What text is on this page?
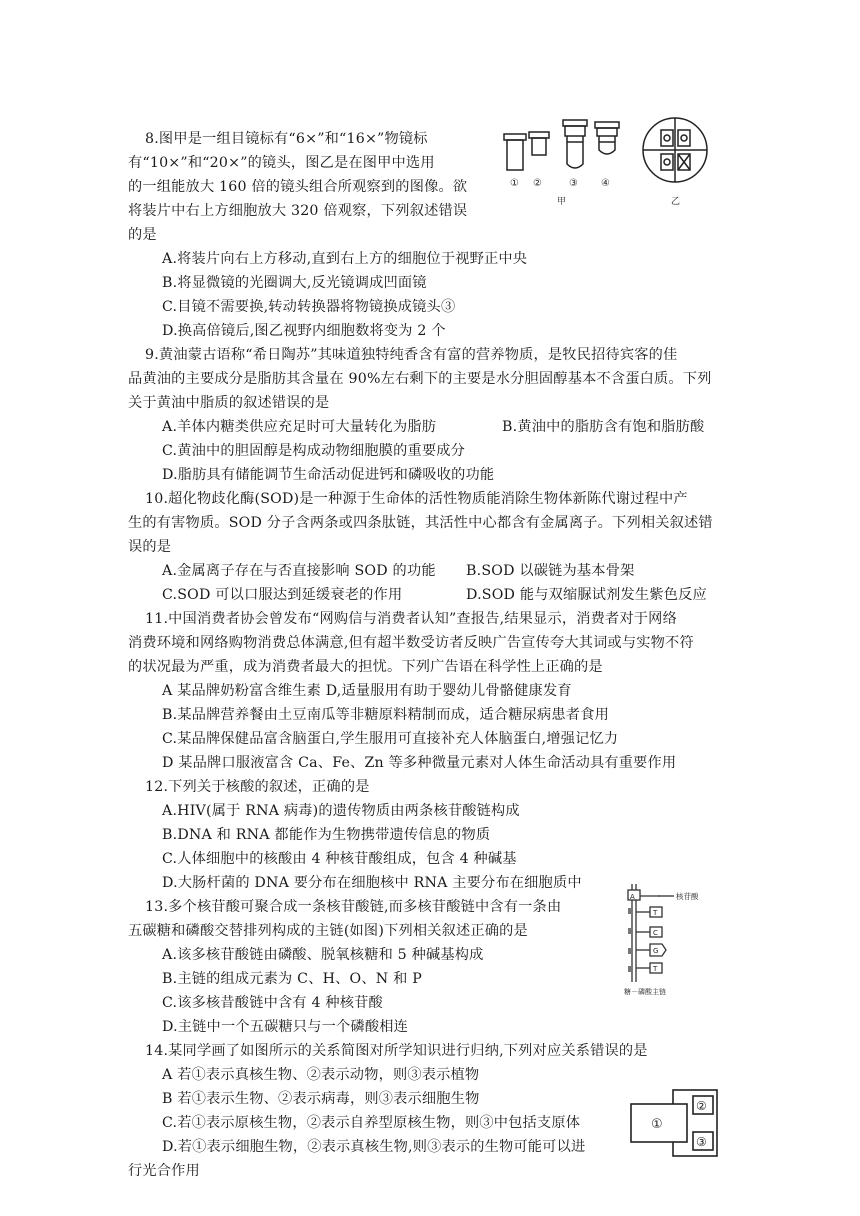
8.图甲是一组目镜标有“6×”和“16×”物镜标
有“10×”和“20×”的镜头，图乙是在图甲中选用
的一组能放大 160 倍的镜头组合所观察到的图像。欲
将装片中右上方细胞放大 320 倍观察，下列叙述错误
的是
A.将装片向右上方移动,直到右上方的细胞位于视野正中央
B.将显微镜的光圈调大,反光镜调成凹面镜
C.目镜不需要换,转动转换器将物镜换成镜头③
D.换高倍镜后,图乙视野内细胞数将变为 2 个
① ②	③ ④
甲	乙
9.黄油蒙古语称“希日陶苏”其味道独特纯香含有富的营养物质，是牧民招待宾客的佳
品黄油的主要成分是脂肪其含量在 90%左右剩下的主要是水分胆固醇基本不含蛋白质。下列
关于黄油中脂质的叙述错误的是
A.羊体内糖类供应充足时可大量转化为脂肪	B.黄油中的脂肪含有饱和脂肪酸
C.黄油中的胆固醇是构成动物细胞膜的重要成分
D.脂肪具有储能调节生命活动促进钙和磷吸收的功能
10.超化物歧化酶(SOD)是一种源于生命体的活性物质能消除生物体新陈代谢过程中产
生的有害物质。SOD 分子含两条或四条肽链，其活性中心都含有金属离子。下列相关叙述错
误的是
A.金属离子存在与否直接影响 SOD 的功能 B.SOD 以碳链为基本骨架
C.SOD 可以口服达到延缓衰老的作用	D.SOD 能与双缩脲试剂发生紫色反应
11.中国消费者协会曾发布“网购信与消费者认知”查报告,结果显示，消费者对于网络
消费环境和网络购物消费总体满意,但有超半数受访者反映广告宣传夸大其词或与实物不符
的状况最为严重，成为消费者最大的担忧。下列广告语在科学性上正确的是
A 某品牌奶粉富含维生素 D,适量服用有助于婴幼儿骨骼健康发育
B.某品牌营养餐由土豆南瓜等非糖原料精制而成，适合糖尿病患者食用
C.某品牌保健品富含脑蛋白,学生服用可直接补充人体脑蛋白,增强记忆力
D 某品牌口服液富含 Ca、Fe、Zn 等多种微量元素对人体生命活动具有重要作用
12.下列关于核酸的叙述，正确的是
A.HIV(属于 RNA 病毒)的遗传物质由两条核苷酸链构成
B.DNA 和 RNA 都能作为生物携带遗传信息的物质
C.人体细胞中的核酸由 4 种核苷酸组成，包含 4 种碱基
D.大肠杆菌的 DNA 要分布在细胞核中 RNA 主要分布在细胞质中
13.多个核苷酸可聚合成一条核苷酸链,而多核苷酸链中含有一条由
五碳糖和磷酸交替排列构成的主链(如图)下列相关叙述正确的是
A.该多核苷酸链由磷酸、脱氧核糖和 5 种碱基构成
B.主链的组成元素为 C、H、O、N 和 P
C.该多核昔酸链中含有 4 种核苷酸
D.主链中一个五碳糖只与一个磷酸相连
A
T
C
G
T
核苷酸
糖－磷酸主链
14.某同学画了如图所示的关系简图对所学知识进行归纳,下列对应关系错误的是
A 若①表示真核生物、②表示动物，则③表示植物
B 若①表示生物、②表示病毒，则③表示细胞生物
C.若①表示原核生物，②表示自养型原核生物，则③中包括支原体
D.若①表示细胞生物，②表示真核生物,则③表示的生物可能可以进
行光合作用
①
②
③
